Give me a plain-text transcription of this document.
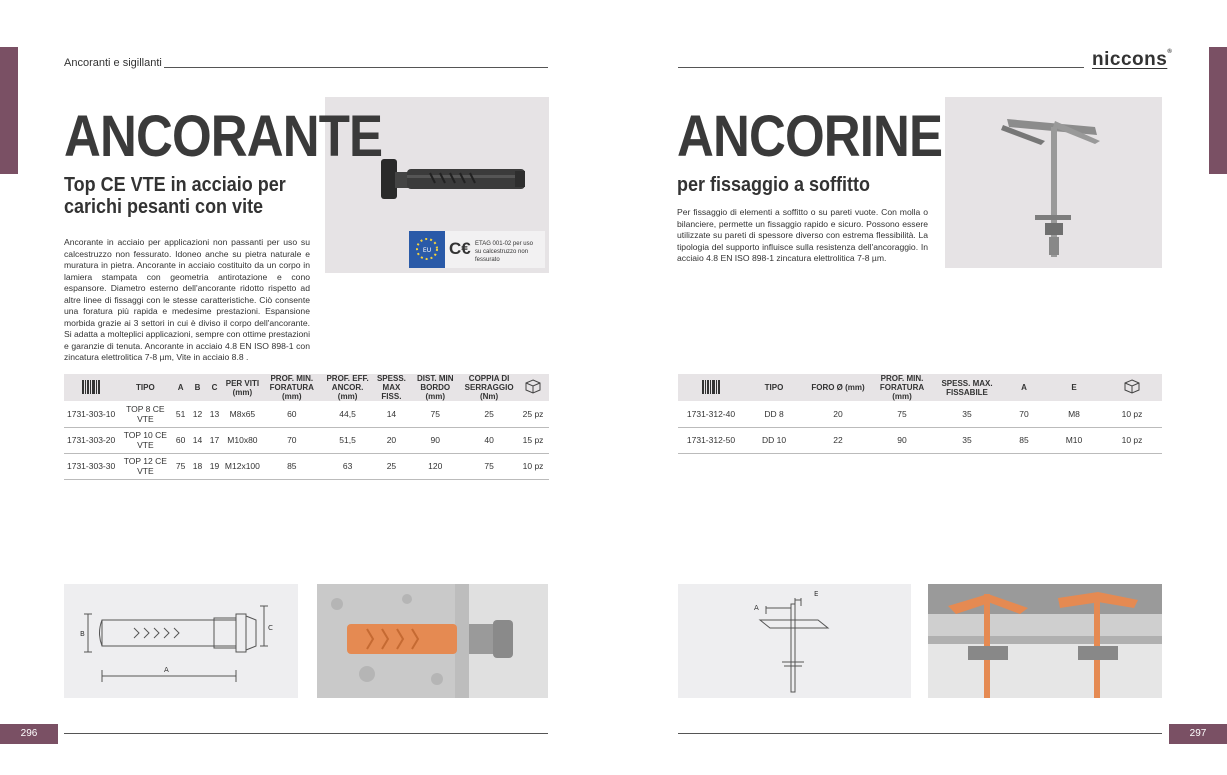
Ancoranti e sigillanti	niccons®
EU C€ ETAG 001-02 per uso
su calcestruzzo non fessurato
ANCORANTE
Top CE VTE in acciaio per
carichi pesanti con vite
Ancorante in acciaio per applicazioni non passanti per uso su calcestruzzo non fessurato. Idoneo anche su pietra naturale e muratura in pietra. Ancorante in acciaio costituito da un corpo in lamiera stampata con geometria antirotazione e cono espansore. Diametro esterno dell'ancorante ridotto rispetto ad altre linee di fissaggi con le stesse caratteristiche. Ciò consente una foratura più rapida e medesime prestazioni. Espansione morbida grazie ai 3 settori in cui è diviso il corpo dell'ancorante. Si adatta a molteplici applicazioni, sempre con ottime prestazioni e garanzie di tenuta. Ancorante in acciaio 4.8 EN ISO 898-1 con zincatura elettrolitica 7-8 µm, Vite in acciaio 8.8 .
	TIPO	A	B	C	PER VITI (mm)	PROF. MIN. FORATURA (mm)	PROF. EFF. ANCOR. (mm)	SPESS. MAX FISS.	DIST. MIN BORDO (mm)	COPPIA DI SERRAGGIO (Nm)	
1731-303-10	TOP 8 CE VTE	51	12	13	M8x65	60	44,5	14	75	25	25 pz
1731-303-20	TOP 10 CE VTE	60	14	17	M10x80	70	51,5	20	90	40	15 pz
1731-303-30	TOP 12 CE VTE	75	18	19	M12x100	85	63	25	120	75	10 pz
B
C
A
296
ANCORINE
per fissaggio a soffitto
Per fissaggio di elementi a soffitto o su pareti vuote. Con molla o bilanciere, permette un fissaggio rapido e sicuro. Possono essere utilizzate su pareti di spessore diverso con estrema flessibilità. La tipologia del supporto influisce sulla resistenza dell'ancoraggio. In acciaio 4.8 EN ISO 898-1 zincatura elettrolitica 7-8 µm.
	TIPO	FORO Ø (mm)	PROF. MIN. FORATURA (mm)	SPESS. MAX. FISSABILE	A	E	
1731-312-40	DD 8	20	75	35	70	M8	10 pz
1731-312-50	DD 10	22	90	35	85	M10	10 pz
A
E
297
